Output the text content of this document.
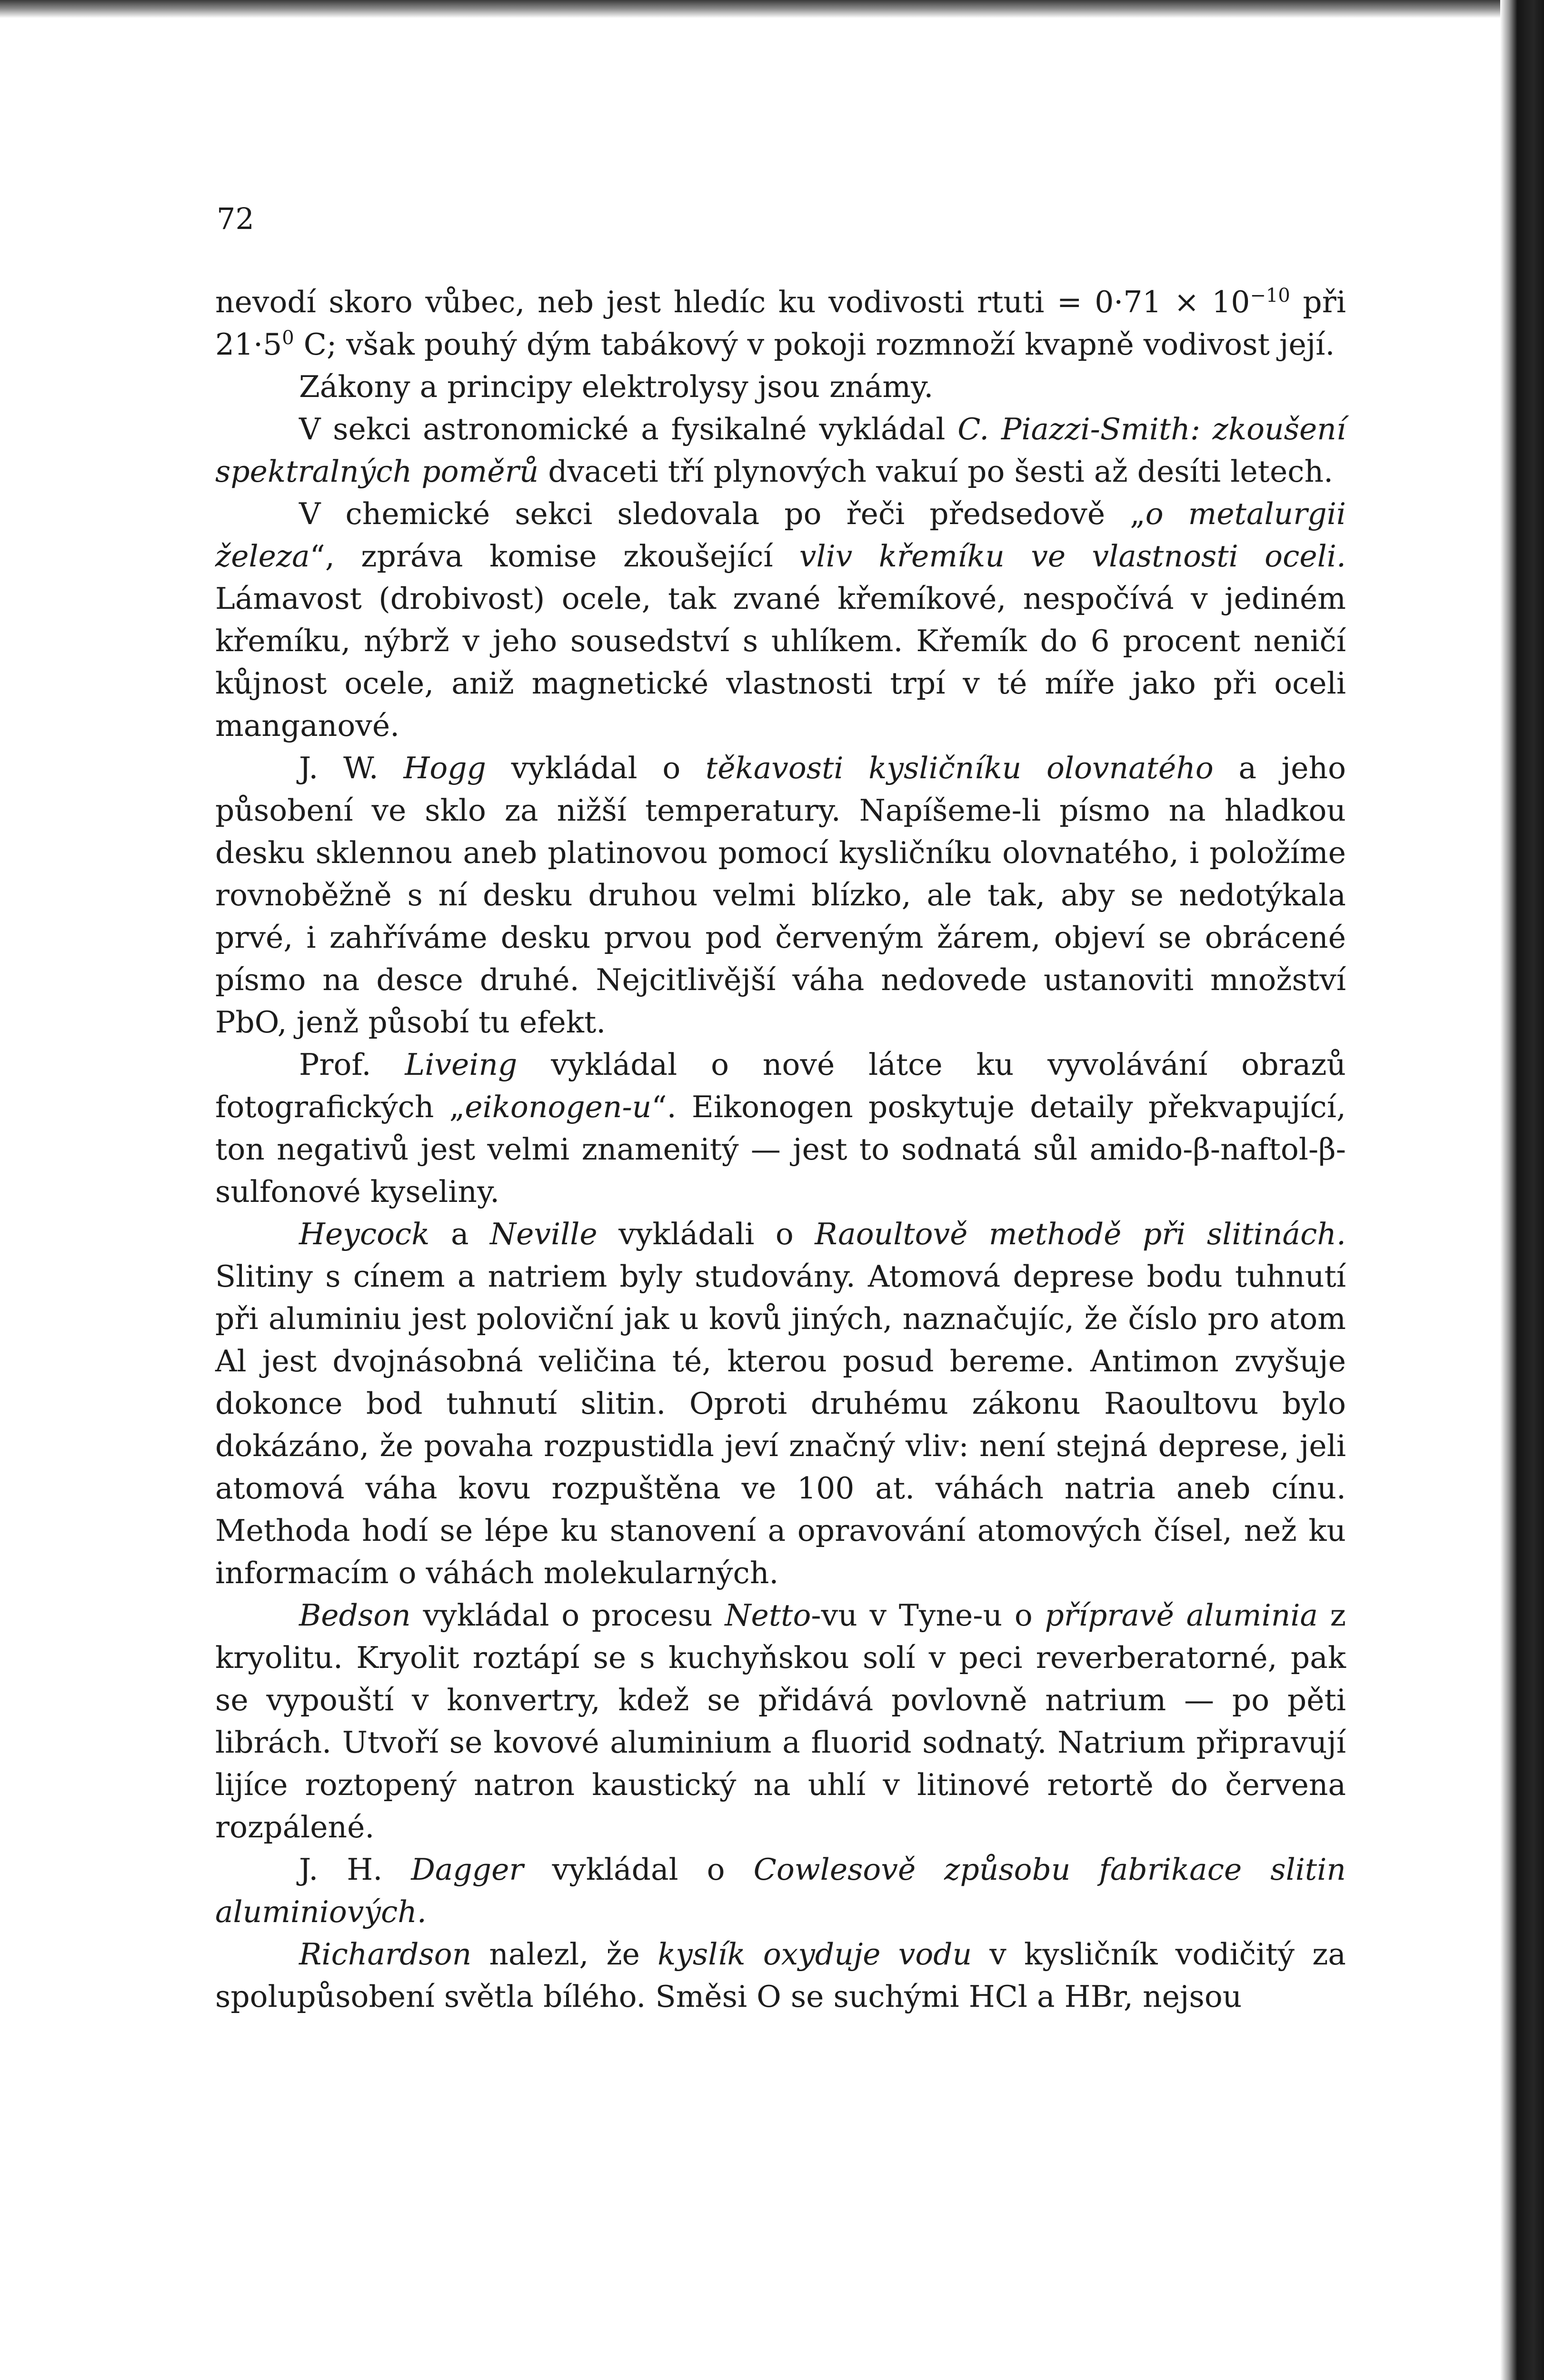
72

nevodí skoro vůbec, neb jest hledíc ku vodivosti rtuti = $0\cdot 71 \times 10^{-10}$ při $21\cdot 5^0$ C; však pouhý dým tabákový v pokoji rozmnoží kvapně vodivost její.

Zákony a principy elektrolysy jsou známy.

V sekci astronomické a fysikalné vykládal C. Piazzi-Smith: zkoušení spektralných poměrů dvaceti tří plynových vakuí po šesti až desíti letech.

V chemické sekci sledovala po řeči předsedově „o metalurgii železa“, zpráva komise zkoušející vliv křemíku ve vlastnosti oceli. Lámavost (drobivost) ocele, tak zvané křemíkové, nespočívá v jediném křemíku, nýbrž v jeho sousedství s uhlíkem. Křemík do 6 procent neničí kůjnost ocele, aniž magnetické vlastnosti trpí v té míře jako při oceli manganové.

J. W. Hogg vykládal o těkavosti kysličníku olovnatého a jeho působení ve sklo za nižší temperatury. Napíšeme-li písmo na hladkou desku sklennou aneb platinovou pomocí kysličníku olovnatého, i položíme rovnoběžně s ní desku druhou velmi blízko, ale tak, aby se nedotýkala prvé, i zahříváme desku prvou pod červeným žárem, objeví se obrácené písmo na desce druhé. Nejcitlivější váha nedovede ustanoviti množství PbO, jenž působí tu efekt.

Prof. Liveing vykládal o nové látce ku vyvolávání obrazů fotografických „eikonogen-u“. Eikonogen poskytuje detaily překvapující, ton negativů jest velmi znamenitý — jest to sodnatá sůl amido-β-naftol-β-sulfonové kyseliny.

Heycock a Neville vykládali o Raoultově methodě při slitinách. Slitiny s cínem a natriem byly studovány. Atomová deprese bodu tuhnutí při aluminiu jest poloviční jak u kovů jiných, naznačujíc, že číslo pro atom Al jest dvojnásobná veličina té, kterou posud bereme. Antimon zvyšuje dokonce bod tuhnutí slitin. Oproti druhému zákonu Raoultovu bylo dokázáno, že povaha rozpustidla jeví značný vliv: není stejná deprese, jeli atomová váha kovu rozpuštěna ve 100 at. váhách natria aneb cínu. Methoda hodí se lépe ku stanovení a opravování atomových čísel, než ku informacím o váhách molekularných.

Bedson vykládal o procesu Netto-vu v Tyne-u o přípravě aluminia z kryolitu. Kryolit roztápí se s kuchyňskou solí v peci reverberatorné, pak se vypouští v konvertry, kdež se přidává povlovně natrium — po pěti librách. Utvoří se kovové aluminium a fluorid sodnatý. Natrium připravují lijíce roztopený natron kaustický na uhlí v litinové retortě do červena rozpálené.

J. H. Dagger vykládal o Cowlesově způsobu fabrikace slitin aluminiových.

Richardson nalezl, že kyslík oxyduje vodu v kysličník vodičitý za spolupůsobení světla bílého. Směsi O se suchými HCl a HBr, nejsou
